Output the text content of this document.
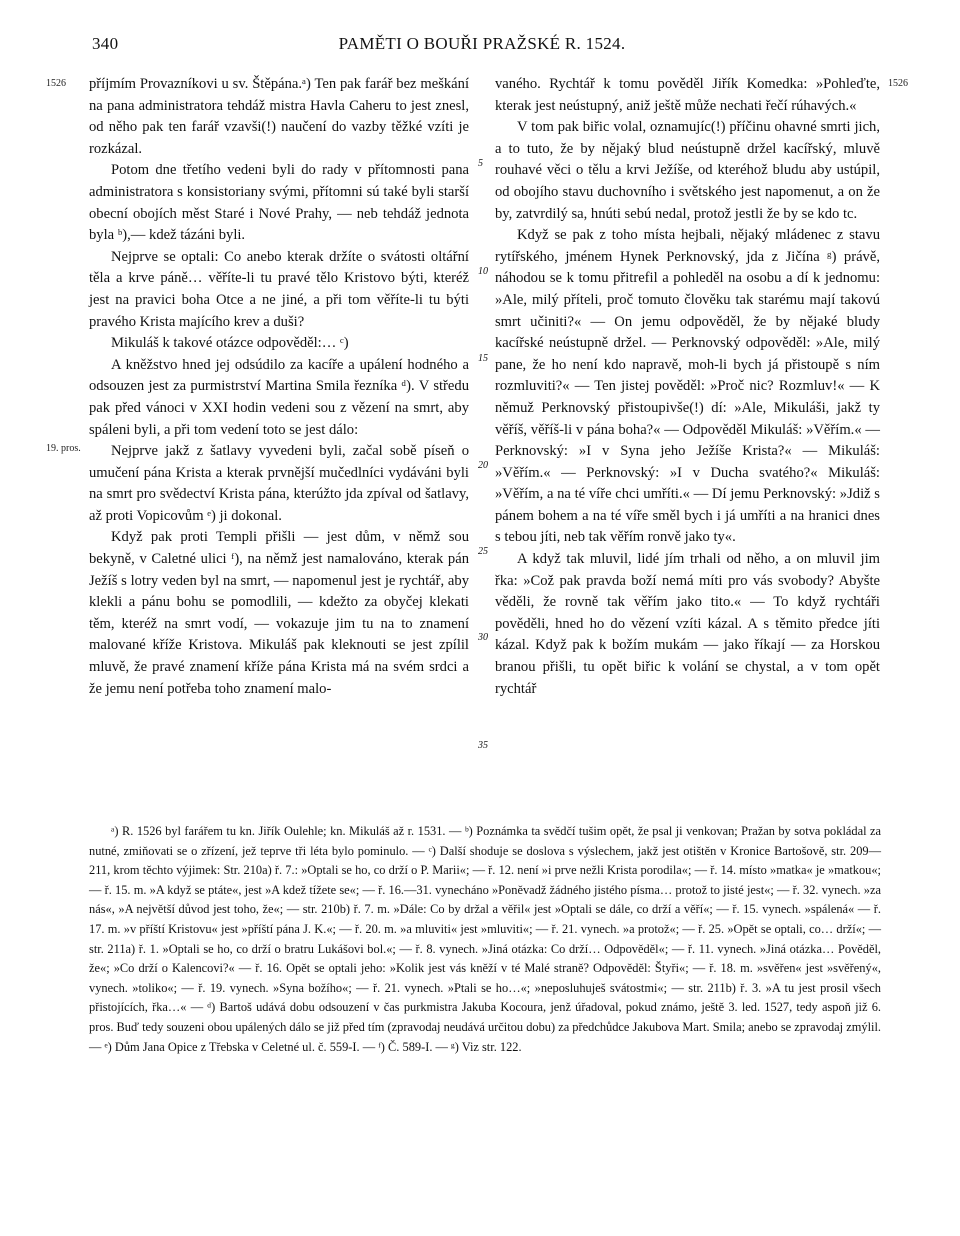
340	PAMĚTI O BOUŘI PRAŽSKÉ R. 1524.
1526	1526
19. pros.
5
10
15
20
25
30
35

příjmím Provazníkovi u sv. Štěpána.ᵃ) Ten pak farář bez meškání na pana administratora tehdáž mistra Havla Caheru to jest znesl, od něho pak ten farář vzavši(!) naučení do vazby těžké vzíti je rozkázal.

Potom dne třetího vedeni byli do rady v přítomnosti pana administratora s konsistoriany svými, přítomni sú také byli starší obecní obojích měst Staré i Nové Prahy, — neb tehdáž jednota byla ᵇ),— kdež tázáni byli.

Nejprve se optali: Co anebo kterak držíte o svátosti oltářní těla a krve páně… věříte-li tu pravé tělo Kristovo býti, kteréž jest na pravici boha Otce a ne jiné, a při tom věříte-li tu býti pravého Krista majícího krev a duši?

Mikuláš k takové otázce odpověděl:… ᶜ)

A kněžstvo hned jej odsúdilo za kacíře a upálení hodného a odsouzen jest za purmistrství Martina Smila řezníka ᵈ). V středu pak před vánoci v XXI hodin vedeni sou z vězení na smrt, aby spáleni byli, a při tom vedení toto se jest dálo:

Nejprve jakž z šatlavy vyvedeni byli, začal sobě píseň o umučení pána Krista a kterak prvnější mučedlníci vydáváni byli na smrt pro svědectví Krista pána, kterúžto jda zpíval od šatlavy, až proti Vopicovům ᵉ) ji dokonal.

Když pak proti Templi přišli — jest dům, v němž sou bekyně, v Caletné ulici ᶠ), na němž jest namalováno, kterak pán Ježíš s lotry veden byl na smrt, — napomenul jest je rychtář, aby klekli a pánu bohu se pomodlili, — kdežto za obyčej klekati těm, kteréž na smrt vodí, — vokazuje jim tu na to znamení malované kříže Kristova. Mikuláš pak kleknouti se jest zpílil mluvě, že pravé znamení kříže pána Krista má na svém srdci a že jemu není potřeba toho znamení malo-

vaného. Rychtář k tomu pověděl Jiřík Komedka: »Pohleďte, kterak jest neústupný, aniž ještě může nechati řečí rúhavých.«

V tom pak biřic volal, oznamujíc(!) příčinu ohavné smrti jich, a to tuto, že by nějaký blud neústupně držel kacířský, mluvě rouhavé věci o tělu a krvi Ježíše, od kteréhož bludu aby ustúpil, od obojího stavu duchovního i světského jest napomenut, a on že by, zatvrdilý sa, hnúti sebú nedal, protož jestli že by se kdo tc.

Když se pak z toho místa hejbali, nějaký mládenec z stavu rytířského, jménem Hynek Perknovský, jda z Jičína ᵍ) právě, náhodou se k tomu přitrefil a pohleděl na osobu a dí k jednomu: »Ale, milý příteli, proč tomuto člověku tak starému mají takovú smrt učiniti?« — On jemu odpověděl, že by nějaké bludy kacířské neústupně držel. — Perknovský odpověděl: »Ale, milý pane, že ho není kdo napravě, moh-li bych já přistoupě s ním rozmluviti?« — Ten jistej pověděl: »Proč nic? Rozmluv!« — K němuž Perknovský přistoupivše(!) dí: »Ale, Mikuláši, jakž ty věříš, věříš-li v pána boha?« — Odpověděl Mikuláš: »Věřím.« — Perknovský: »I v Syna jeho Ježíše Krista?« — Mikuláš: »Věřím.« — Perknovský: »I v Ducha svatého?« Mikuláš: »Věřím, a na té víře chci umříti.« — Dí jemu Perknovský: »Jdiž s pánem bohem a na té víře směl bych i já umříti a na hranici dnes s tebou jíti, neb tak věřím ronvě jako ty«.

A když tak mluvil, lidé jím trhali od něho, a on mluvil jim řka: »Což pak pravda boží nemá míti pro vás svobody? Abyšte věděli, že rovně tak věřím jako tito.« — To když rychtáři pověděli, hned ho do vězení vzíti kázal. A s těmito předce jíti kázal. Když pak k božím mukám — jako říkají — za Horskou branou přišli, tu opět biřic k volání se chystal, a v tom opět rychtář

ᵃ) R. 1526 byl farářem tu kn. Jiřík Oulehle; kn. Mikuláš až r. 1531. — ᵇ) Poznámka ta svědčí tušim opět, že psal ji venkovan; Pražan by sotva pokládal za nutné, zmiňovati se o zřízení, jež teprve tři léta bylo pominulo. — ᶜ) Další shoduje se doslova s výslechem, jakž jest otištěn v Kronice Bartošově, str. 209—211, krom těchto výjimek: Str. 210a) ř. 7.: »Optali se ho, co drží o P. Marii«; — ř. 12. není »i prve nežli Krista porodila«; — ř. 14. místo »matka« je »matkou«; — ř. 15. m. »A když se ptáte«, jest »A kdež tížete se«; — ř. 16.—31. vynecháno »Poněvadž žádného jistého písma… protož to jisté jest«; — ř. 32. vynech. »za nás«, »A největší důvod jest toho, že«; — str. 210b) ř. 7. m. »Dále: Co by držal a věřil« jest »Optali se dále, co drží a věří«; — ř. 15. vynech. »spálená« — ř. 17. m. »v příští Kristovu« jest »příští pána J. K.«; — ř. 20. m. »a mluviti« jest »mluviti«; — ř. 21. vynech. »a protož«; — ř. 25. »Opět se optali, co… drží«; — str. 211a) ř. 1. »Optali se ho, co drží o bratru Lukášovi bol.«; — ř. 8. vynech. »Jiná otázka: Co drží… Odpověděl«; — ř. 11. vynech. »Jiná otázka… Pověděl, že«; »Co drží o Kalencovi?« — ř. 16. Opět se optali jeho: »Kolik jest vás kněží v té Malé straně? Odpověděl: Štyři«; — ř. 18. m. »svěřen« jest »svěřený«, vynech. »toliko«; — ř. 19. vynech. »Syna božího«; — ř. 21. vynech. »Ptali se ho…«; »neposluhuješ svátostmi«; — str. 211b) ř. 3. »A tu jest prosil všech přistojících, řka…« — ᵈ) Bartoš udává dobu odsouzení v čas purkmistra Jakuba Kocoura, jenž úřadoval, pokud známo, ještě 3. led. 1527, tedy aspoň již 6. pros. Buď tedy souzeni obou upálených dálo se již před tím (zpravodaj neudává určitou dobu) za předchůdce Jakubova Mart. Smila; anebo se zpravodaj zmýlil. — ᵉ) Dům Jana Opice z Třebska v Celetné ul. č. 559-I. — ᶠ) Č. 589-I. — ᵍ) Viz str. 122.
